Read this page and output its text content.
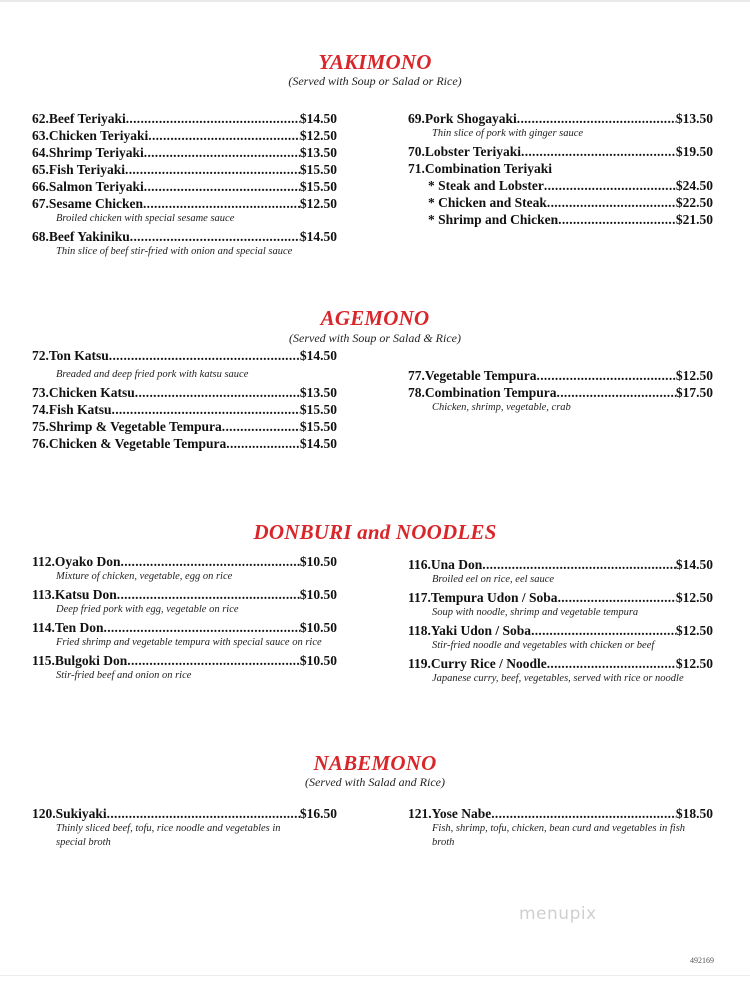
YAKIMONO
(Served with Soup or Salad or Rice)
62.Beef Teriyaki .....	$14.50
63.Chicken Teriyaki .....	$12.50
64.Shrimp Teriyaki .....	$13.50
65.Fish Teriyaki .....	$15.50
66.Salmon Teriyaki .....	$15.50
67.Sesame Chicken .....	$12.50
Broiled chicken with special sesame sauce
68.Beef Yakiniku .....	$14.50
Thin slice of beef stir-fried with onion and special sauce
69.Pork Shogayaki .....	$13.50
Thin slice of pork with ginger sauce
70.Lobster Teriyaki .....	$19.50
71.Combination Teriyaki
* Steak and Lobster .....	$24.50
* Chicken and Steak .....	$22.50
* Shrimp and Chicken .....	$21.50
AGEMONO
(Served with Soup or Salad & Rice)
72.Ton Katsu .....	$14.50
Breaded and deep fried pork with katsu sauce
73.Chicken Katsu .....	$13.50
74.Fish Katsu .....	$15.50
75.Shrimp & Vegetable Tempura .....	$15.50
76.Chicken & Vegetable Tempura .....	$14.50
77.Vegetable Tempura .....	$12.50
78.Combination Tempura .....	$17.50
Chicken, shrimp, vegetable, crab
DONBURI and NOODLES
112.Oyako Don .....	$10.50
Mixture of chicken, vegetable, egg on rice
113.Katsu Don .....	$10.50
Deep fried pork with egg, vegetable on rice
114.Ten Don .....	$10.50
Fried shrimp and vegetable tempura with special sauce on rice
115.Bulgoki Don .....	$10.50
Stir-fried beef and onion on rice
116.Una Don .....	$14.50
Broiled eel on rice, eel sauce
117.Tempura Udon / Soba .....	$12.50
Soup with noodle, shrimp and vegetable tempura
118.Yaki Udon / Soba .....	$12.50
Stir-fried noodle and vegetables with chicken or beef
119.Curry Rice / Noodle .....	$12.50
Japanese curry, beef, vegetables, served with rice or noodle
NABEMONO
(Served with Salad and Rice)
120.Sukiyaki .....	$16.50
Thinly sliced beef, tofu, rice noodle and vegetables in special broth
121.Yose Nabe .....	$18.50
Fish, shrimp, tofu, chicken, bean curd and vegetables in fish broth
menupix
492169
